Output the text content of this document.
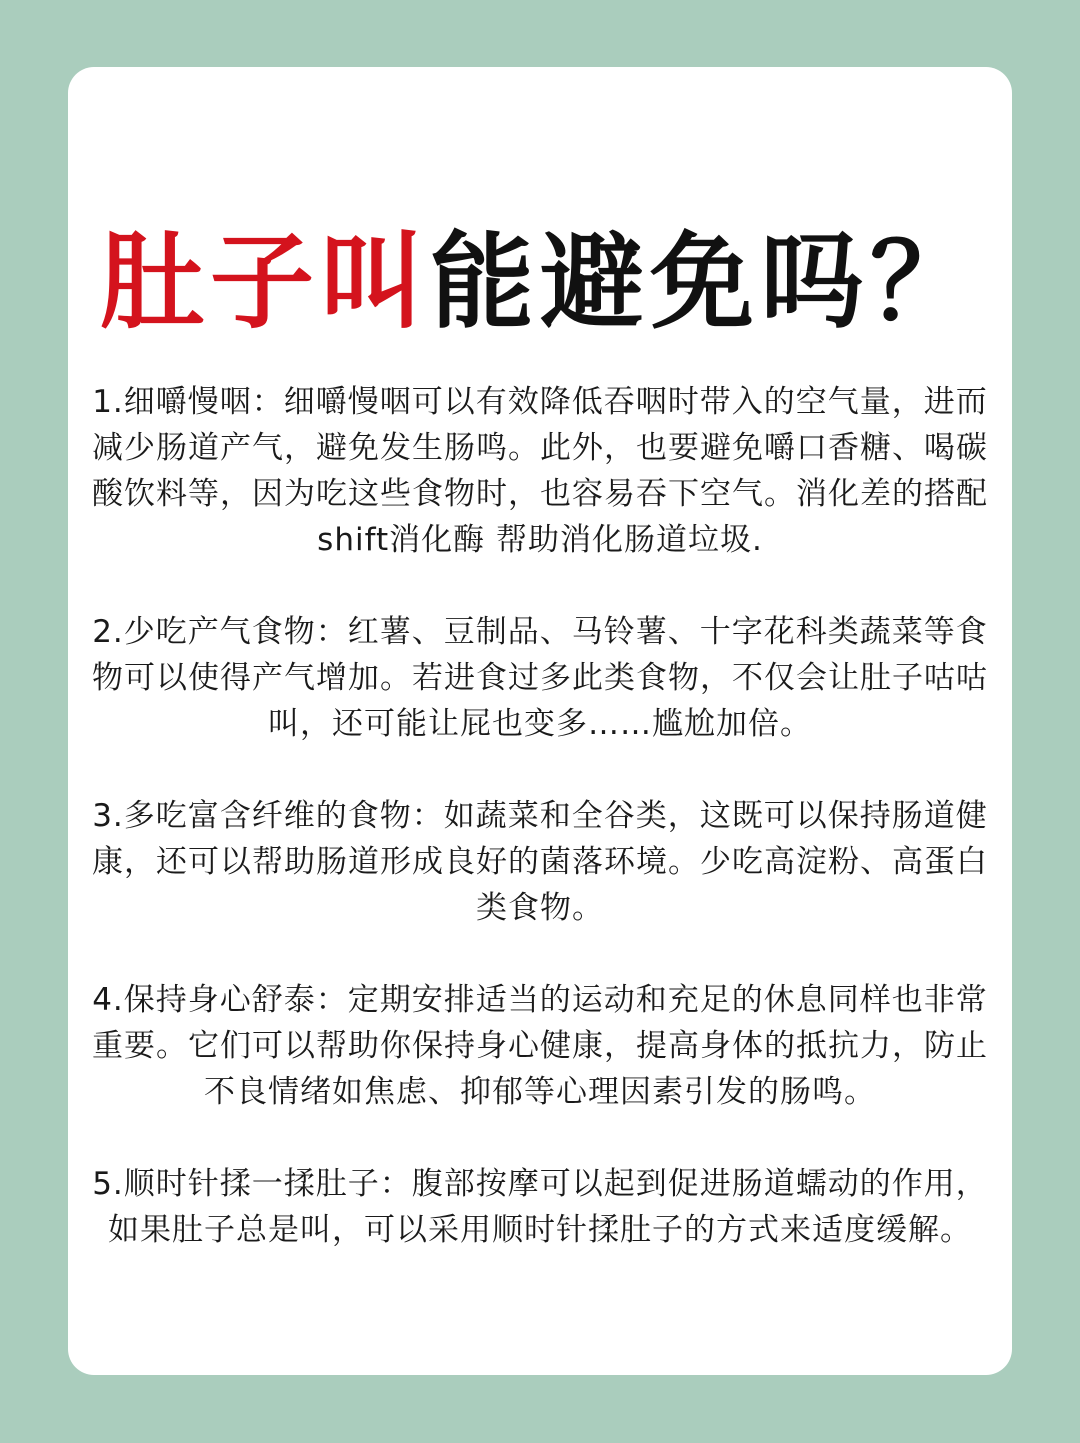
肚子叫能避免吗？

1.细嚼慢咽：细嚼慢咽可以有效降低吞咽时带入的空气量，进而减少肠道产气，避免发生肠鸣。此外，也要避免嚼口香糖、喝碳酸饮料等，因为吃这些食物时，也容易吞下空气。消化差的搭配shift消化酶 帮助消化肠道垃圾.

2.少吃产气食物：红薯、豆制品、马铃薯、十字花科类蔬菜等食物可以使得产气增加。若进食过多此类食物，不仅会让肚子咕咕叫，还可能让屁也变多……尴尬加倍。

3.多吃富含纤维的食物：如蔬菜和全谷类，这既可以保持肠道健康，还可以帮助肠道形成良好的菌落环境。少吃高淀粉、高蛋白类食物。

4.保持身心舒泰：定期安排适当的运动和充足的休息同样也非常重要。它们可以帮助你保持身心健康，提高身体的抵抗力，防止不良情绪如焦虑、抑郁等心理因素引发的肠鸣。

5.顺时针揉一揉肚子：腹部按摩可以起到促进肠道蠕动的作用，如果肚子总是叫，可以采用顺时针揉肚子的方式来适度缓解。
